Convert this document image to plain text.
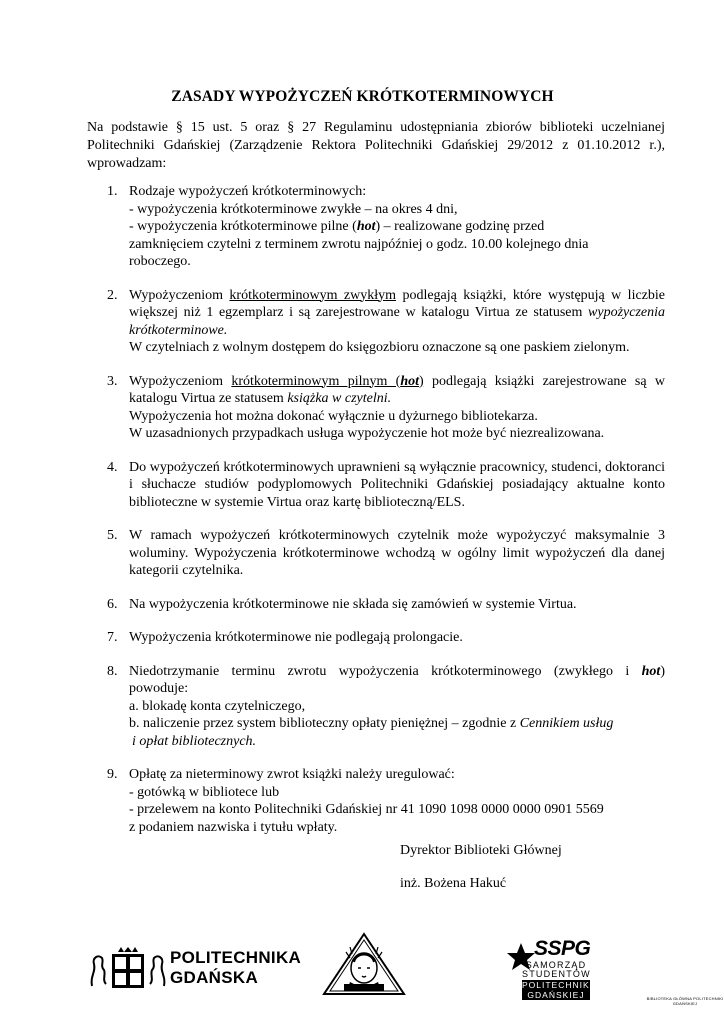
ZASADY WYPOŻYCZEŃ KRÓTKOTERMINOWYCH

Na podstawie § 15 ust. 5 oraz § 27 Regulaminu udostępniania zbiorów biblioteki uczelnianej Politechniki Gdańskiej (Zarządzenie Rektora Politechniki Gdańskiej 29/2012 z 01.10.2012 r.), wprowadzam:

1. Rodzaje wypożyczeń krótkoterminowych:
- wypożyczenia krótkoterminowe zwykłe – na okres 4 dni,
- wypożyczenia krótkoterminowe pilne (hot) – realizowane godzinę przed
zamknięciem czytelni z terminem zwrotu najpóźniej o godz. 10.00 kolejnego dnia
roboczego.
2. Wypożyczeniom krótkoterminowym zwykłym podlegają książki, które występują w liczbie większej niż 1 egzemplarz i są zarejestrowane w katalogu Virtua ze statusem wypożyczenia krótkoterminowe.
W czytelniach z wolnym dostępem do księgozbioru oznaczone są one paskiem zielonym.
3. Wypożyczeniom krótkoterminowym pilnym (hot) podlegają książki zarejestrowane są w katalogu Virtua ze statusem książka w czytelni.
Wypożyczenia hot można dokonać wyłącznie u dyżurnego bibliotekarza.
W uzasadnionych przypadkach usługa wypożyczenie hot może być niezrealizowana.
4. Do wypożyczeń krótkoterminowych uprawnieni są wyłącznie pracownicy, studenci, doktoranci i słuchacze studiów podyplomowych Politechniki Gdańskiej posiadający aktualne konto biblioteczne w systemie Virtua oraz kartę biblioteczną/ELS.
5. W ramach wypożyczeń krótkoterminowych czytelnik może wypożyczyć maksymalnie 3 woluminy. Wypożyczenia krótkoterminowe wchodzą w ogólny limit wypożyczeń dla danej kategorii czytelnika.
6. Na wypożyczenia krótkoterminowe nie składa się zamówień w systemie Virtua.
7. Wypożyczenia krótkoterminowe nie podlegają prolongacie.
8. Niedotrzymanie terminu zwrotu wypożyczenia krótkoterminowego (zwykłego i hot) powoduje:
a. blokadę konta czytelniczego,
b. naliczenie przez system biblioteczny opłaty pieniężnej – zgodnie z Cennikiem usług
i opłat bibliotecznych.
9. Opłatę za nieterminowy zwrot książki należy uregulować:
- gotówką w bibliotece lub
- przelewem na konto Politechniki Gdańskiej nr 41 1090 1098 0000 0000 0901 5569
z podaniem nazwiska i tytułu wpłaty.
Dyrektor Biblioteki Głównej
inż. Bożena Hakuć
POLITECHNIKA
GDAŃSKA
EX LIBRIS
BIBLIOTEKA GŁÓWNA POLITECHNIKI GDAŃSKIEJ
SSPG
SAMORZĄD
STUDENTÓW
POLITECHNIKI
GDAŃSKIEJ
